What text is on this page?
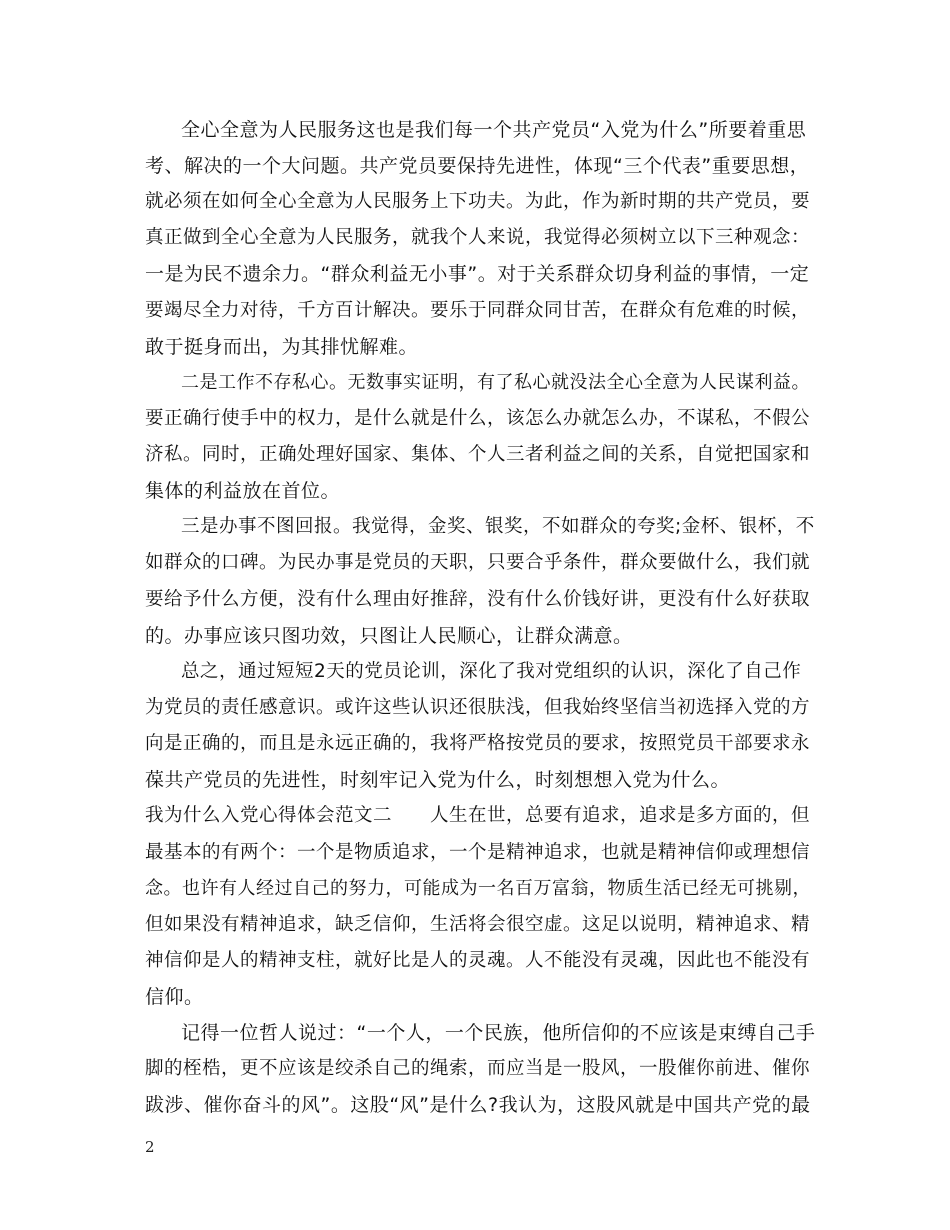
全心全意为人民服务这也是我们每一个共产党员“入党为什么”所要着重思
考、解决的一个大问题。共产党员要保持先进性，体现“三个代表”重要思想，
就必须在如何全心全意为人民服务上下功夫。为此，作为新时期的共产党员，要
真正做到全心全意为人民服务，就我个人来说，我觉得必须树立以下三种观念：
一是为民不遗余力。“群众利益无小事”。对于关系群众切身利益的事情，一定
要竭尽全力对待，千方百计解决。要乐于同群众同甘苦，在群众有危难的时候，
敢于挺身而出，为其排忧解难。
二是工作不存私心。无数事实证明，有了私心就没法全心全意为人民谋利益。
要正确行使手中的权力，是什么就是什么，该怎么办就怎么办，不谋私，不假公
济私。同时，正确处理好国家、集体、个人三者利益之间的关系，自觉把国家和
集体的利益放在首位。
三是办事不图回报。我觉得，金奖、银奖，不如群众的夸奖;金杯、银杯，不
如群众的口碑。为民办事是党员的天职，只要合乎条件，群众要做什么，我们就
要给予什么方便，没有什么理由好推辞，没有什么价钱好讲，更没有什么好获取
的。办事应该只图功效，只图让人民顺心，让群众满意。
总之，通过短短2天的党员论训，深化了我对党组织的认识，深化了自己作
为党员的责任感意识。或许这些认识还很肤浅，但我始终坚信当初选择入党的方
向是正确的，而且是永远正确的，我将严格按党员的要求，按照党员干部要求永
葆共产党员的先进性，时刻牢记入党为什么，时刻想想入党为什么。
我为什么入党心得体会范文二　　人生在世，总要有追求，追求是多方面的，但
最基本的有两个：一个是物质追求，一个是精神追求，也就是精神信仰或理想信
念。也许有人经过自己的努力，可能成为一名百万富翁，物质生活已经无可挑剔，
但如果没有精神追求，缺乏信仰，生活将会很空虚。这足以说明，精神追求、精
神信仰是人的精神支柱，就好比是人的灵魂。人不能没有灵魂，因此也不能没有
信仰。
记得一位哲人说过：“一个人，一个民族，他所信仰的不应该是束缚自己手
脚的桎梏，更不应该是绞杀自己的绳索，而应当是一股风，一股催你前进、催你
跋涉、催你奋斗的风”。这股“风”是什么?我认为，这股风就是中国共产党的最
2
